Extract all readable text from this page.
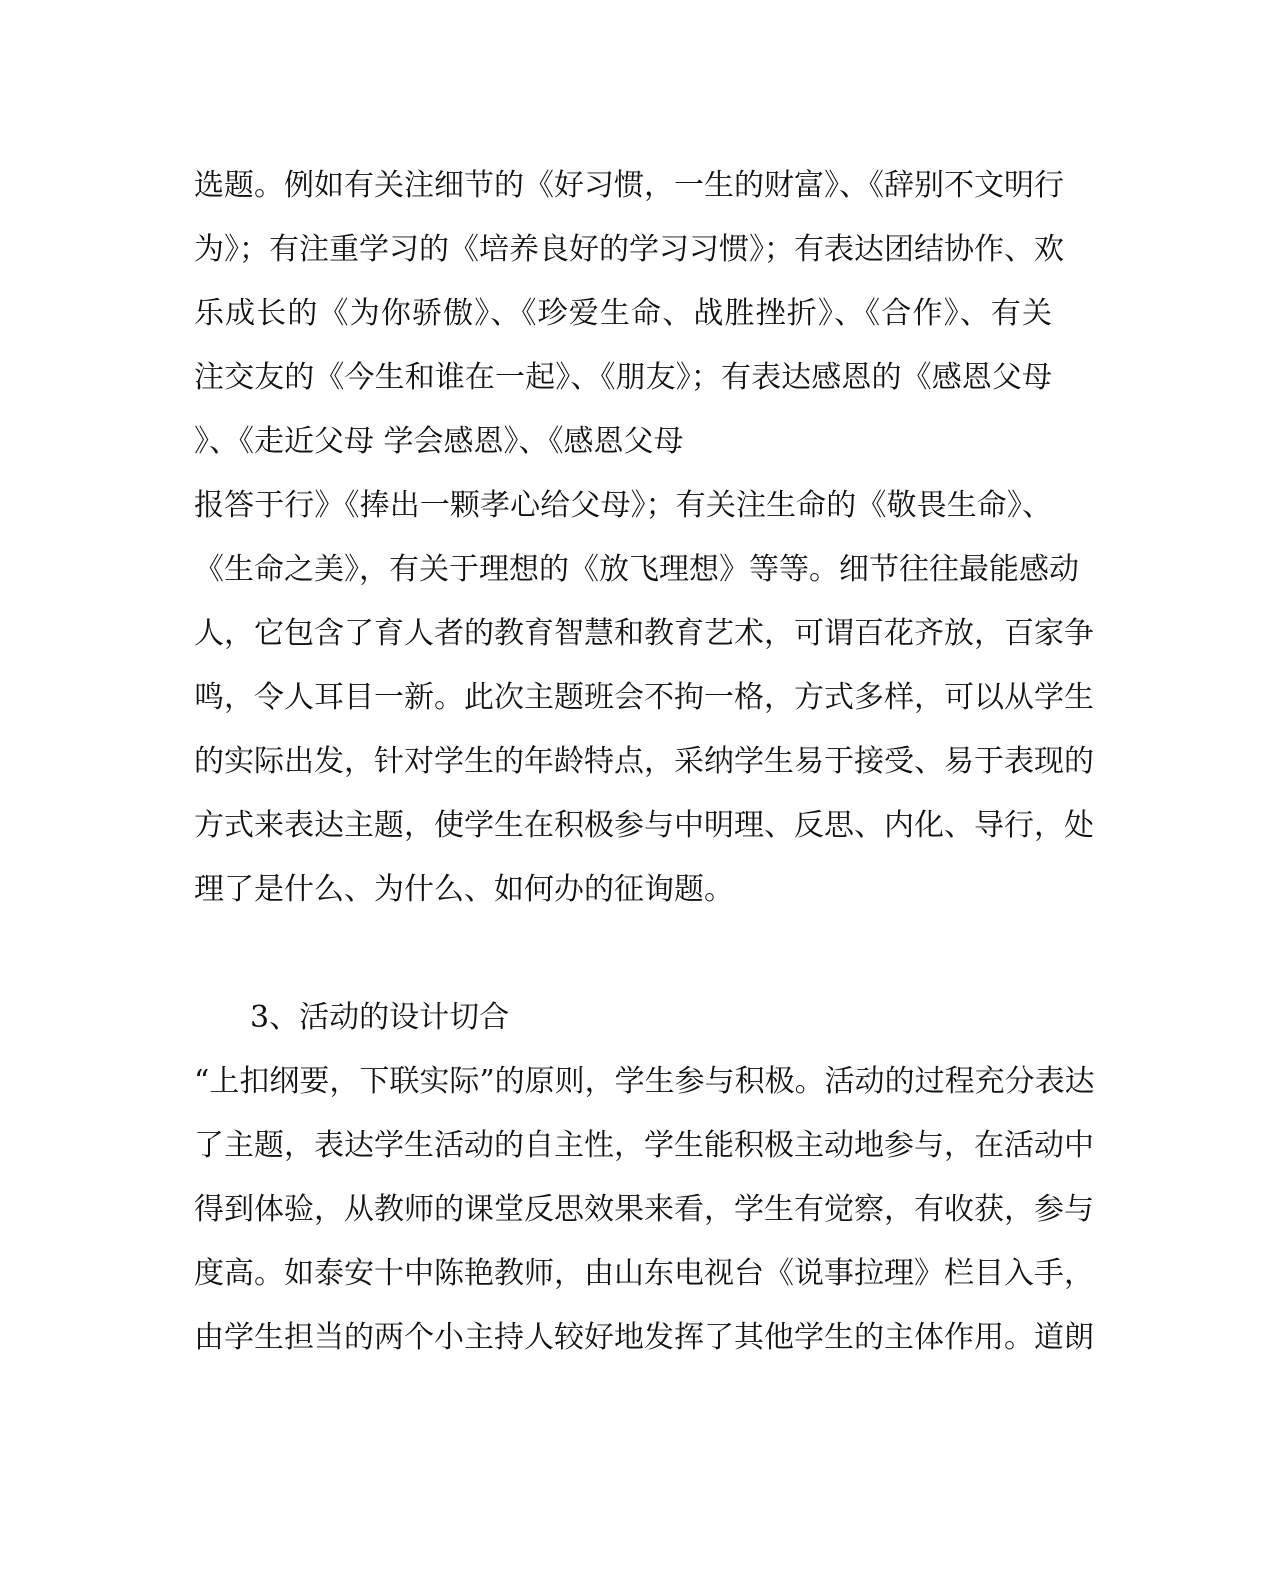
选题。例如有关注细节的《好习惯，一生的财富》、《辞别不文明行
为》；有注重学习的《培养良好的学习习惯》；有表达团结协作、欢
乐成长的《为你骄傲》、《珍爱生命、战胜挫折》、《合作》、有关
注交友的《今生和谁在一起》、《朋友》；有表达感恩的《感恩父母
》、《走近父母 学会感恩》、《感恩父母
报答于行》《捧出一颗孝心给父母》；有关注生命的《敬畏生命》、
《生命之美》，有关于理想的《放飞理想》等等。细节往往最能感动
人，它包含了育人者的教育智慧和教育艺术，可谓百花齐放，百家争
鸣，令人耳目一新。此次主题班会不拘一格，方式多样，可以从学生
的实际出发，针对学生的年龄特点，采纳学生易于接受、易于表现的
方式来表达主题，使学生在积极参与中明理、反思、内化、导行，处
理了是什么、为什么、如何办的征询题。
3、活动的设计切合
“上扣纲要，下联实际”的原则，学生参与积极。活动的过程充分表达
了主题，表达学生活动的自主性，学生能积极主动地参与，在活动中
得到体验，从教师的课堂反思效果来看，学生有觉察，有收获，参与
度高。如泰安十中陈艳教师，由山东电视台《说事拉理》栏目入手，
由学生担当的两个小主持人较好地发挥了其他学生的主体作用。道朗
